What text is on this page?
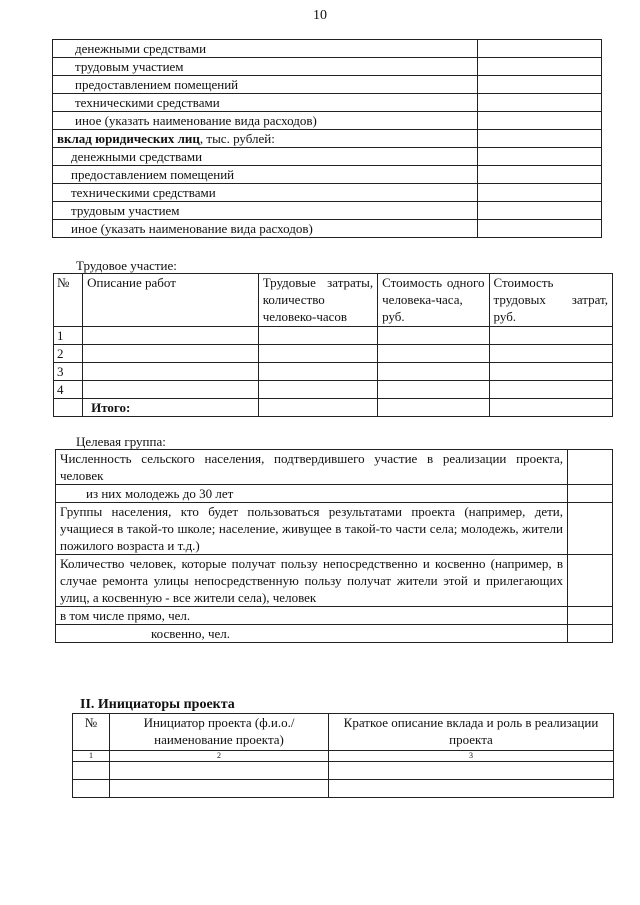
10
денежными средствами	
трудовым участием	
предоставлением помещений	
техническими средствами	
иное (указать наименование вида расходов)	
вклад юридических лиц, тыс. рублей:	
денежными средствами	
предоставлением помещений	
техническими средствами	
трудовым участием	
иное (указать наименование вида расходов)	
Трудовое участие:
№	Описание работ	Трудовые затраты, количество человеко-часов	Стоимость одного человека-часа, руб.	Стоимость трудовых затрат, руб.
1				
2				
3				
4				
	Итого:			
Целевая группа:
Численность сельского населения, подтвердившего участие в реализации проекта, человек	
из них молодежь до 30 лет	
Группы населения, кто будет пользоваться результатами проекта (например, дети, учащиеся в такой-то школе; население, живущее в такой-то части села; молодежь, жители пожилого возраста и т.д.)	
Количество человек, которые получат пользу непосредственно и косвенно (например, в случае ремонта улицы непосредственную пользу получат жители этой и прилегающих улиц, а косвенную - все жители села), человек	
в том числе прямо, чел.	
косвенно, чел.	
II. Инициаторы проекта
№	Инициатор проекта (ф.и.о./наименование проекта)	Краткое описание вклада и роль в реализации проекта
1	2	3
